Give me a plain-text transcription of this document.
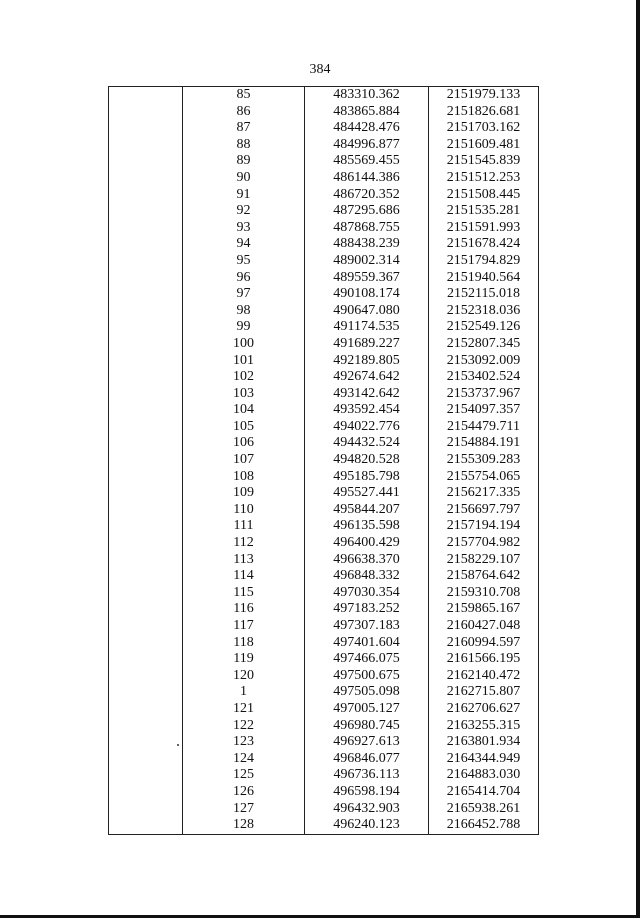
384
	85	483310.362	2151979.133
	86	483865.884	2151826.681
	87	484428.476	2151703.162
	88	484996.877	2151609.481
	89	485569.455	2151545.839
	90	486144.386	2151512.253
	91	486720.352	2151508.445
	92	487295.686	2151535.281
	93	487868.755	2151591.993
	94	488438.239	2151678.424
	95	489002.314	2151794.829
	96	489559.367	2151940.564
	97	490108.174	2152115.018
	98	490647.080	2152318.036
	99	491174.535	2152549.126
	100	491689.227	2152807.345
	101	492189.805	2153092.009
	102	492674.642	2153402.524
	103	493142.642	2153737.967
	104	493592.454	2154097.357
	105	494022.776	2154479.711
	106	494432.524	2154884.191
	107	494820.528	2155309.283
	108	495185.798	2155754.065
	109	495527.441	2156217.335
	110	495844.207	2156697.797
	111	496135.598	2157194.194
	112	496400.429	2157704.982
	113	496638.370	2158229.107
	114	496848.332	2158764.642
	115	497030.354	2159310.708
	116	497183.252	2159865.167
	117	497307.183	2160427.048
	118	497401.604	2160994.597
	119	497466.075	2161566.195
	120	497500.675	2162140.472
	1	497505.098	2162715.807
	121	497005.127	2162706.627
	122	496980.745	2163255.315
	123	496927.613	2163801.934
	124	496846.077	2164344.949
	125	496736.113	2164883.030
	126	496598.194	2165414.704
	127	496432.903	2165938.261
	128	496240.123	2166452.788
